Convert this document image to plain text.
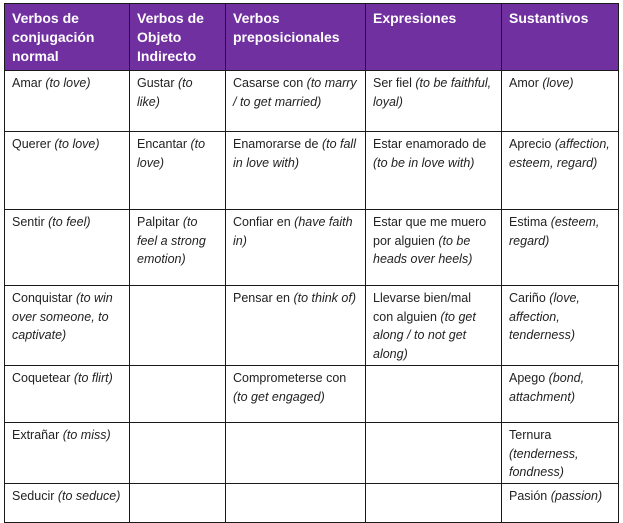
Verbos de conjugación normal	Verbos de Objeto Indirecto	Verbos preposicionales	Expresiones	Sustantivos
Amar (to love)	Gustar (to like)	Casarse con (to marry / to get married)	Ser fiel (to be faithful, loyal)	Amor (love)
Querer (to love)	Encantar (to love)	Enamorarse de (to fall in love with)	Estar enamorado de (to be in love with)	Aprecio (affection, esteem, regard)
Sentir (to feel)	Palpitar (to feel a strong emotion)	Confiar en (have faith in)	Estar que me muero por alguien (to be heads over heels)	Estima (esteem, regard)
Conquistar (to win over someone, to captivate)		Pensar en (to think of)	Llevarse bien/mal con alguien (to get along / to not get along)	Cariño (love, affection, tenderness)
Coquetear (to flirt)		Comprometerse con (to get engaged)		Apego (bond, attachment)
Extrañar (to miss)				Ternura (tenderness, fondness)
Seducir (to seduce)				Pasión (passion)
